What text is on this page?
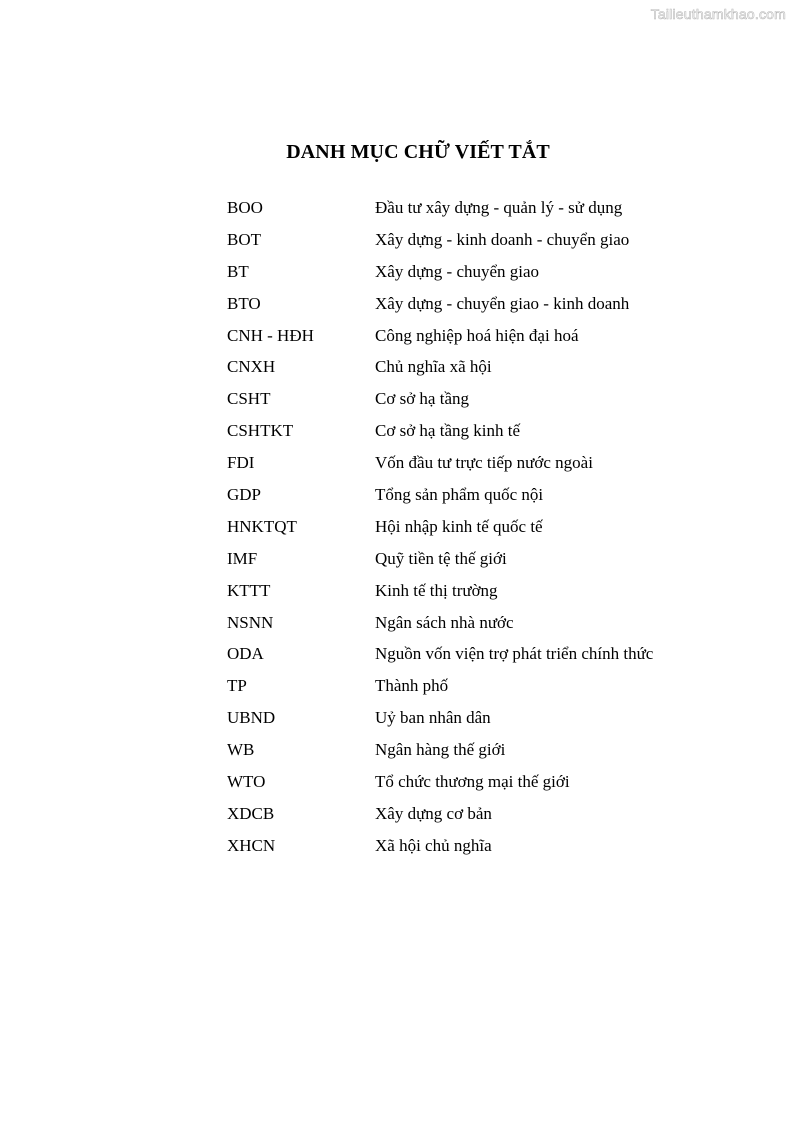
Tailieuthamkhao.com
DANH MỤC CHỮ VIẾT TẮT
BOO	Đầu tư xây dựng - quản lý - sử dụng
BOT	Xây dựng - kinh doanh - chuyển giao
BT	Xây dựng - chuyển giao
BTO	Xây dựng - chuyển giao - kinh doanh
CNH - HĐH	Công nghiệp hoá hiện đại hoá
CNXH	Chủ nghĩa xã hội
CSHT	Cơ sở hạ tầng
CSHTKT	Cơ sở hạ tầng kinh tế
FDI	Vốn đầu tư trực tiếp nước ngoài
GDP	Tổng sản phẩm quốc nội
HNKTQT	Hội nhập kinh tế quốc tế
IMF	Quỹ tiền tệ thế giới
KTTT	Kinh tế thị trường
NSNN	Ngân sách nhà nước
ODA	Nguồn vốn viện trợ phát triển chính thức
TP	Thành phố
UBND	Uỷ ban nhân dân
WB	Ngân hàng thế giới
WTO	Tổ chức thương mại thế giới
XDCB	Xây dựng cơ bản
XHCN	Xã hội chủ nghĩa
